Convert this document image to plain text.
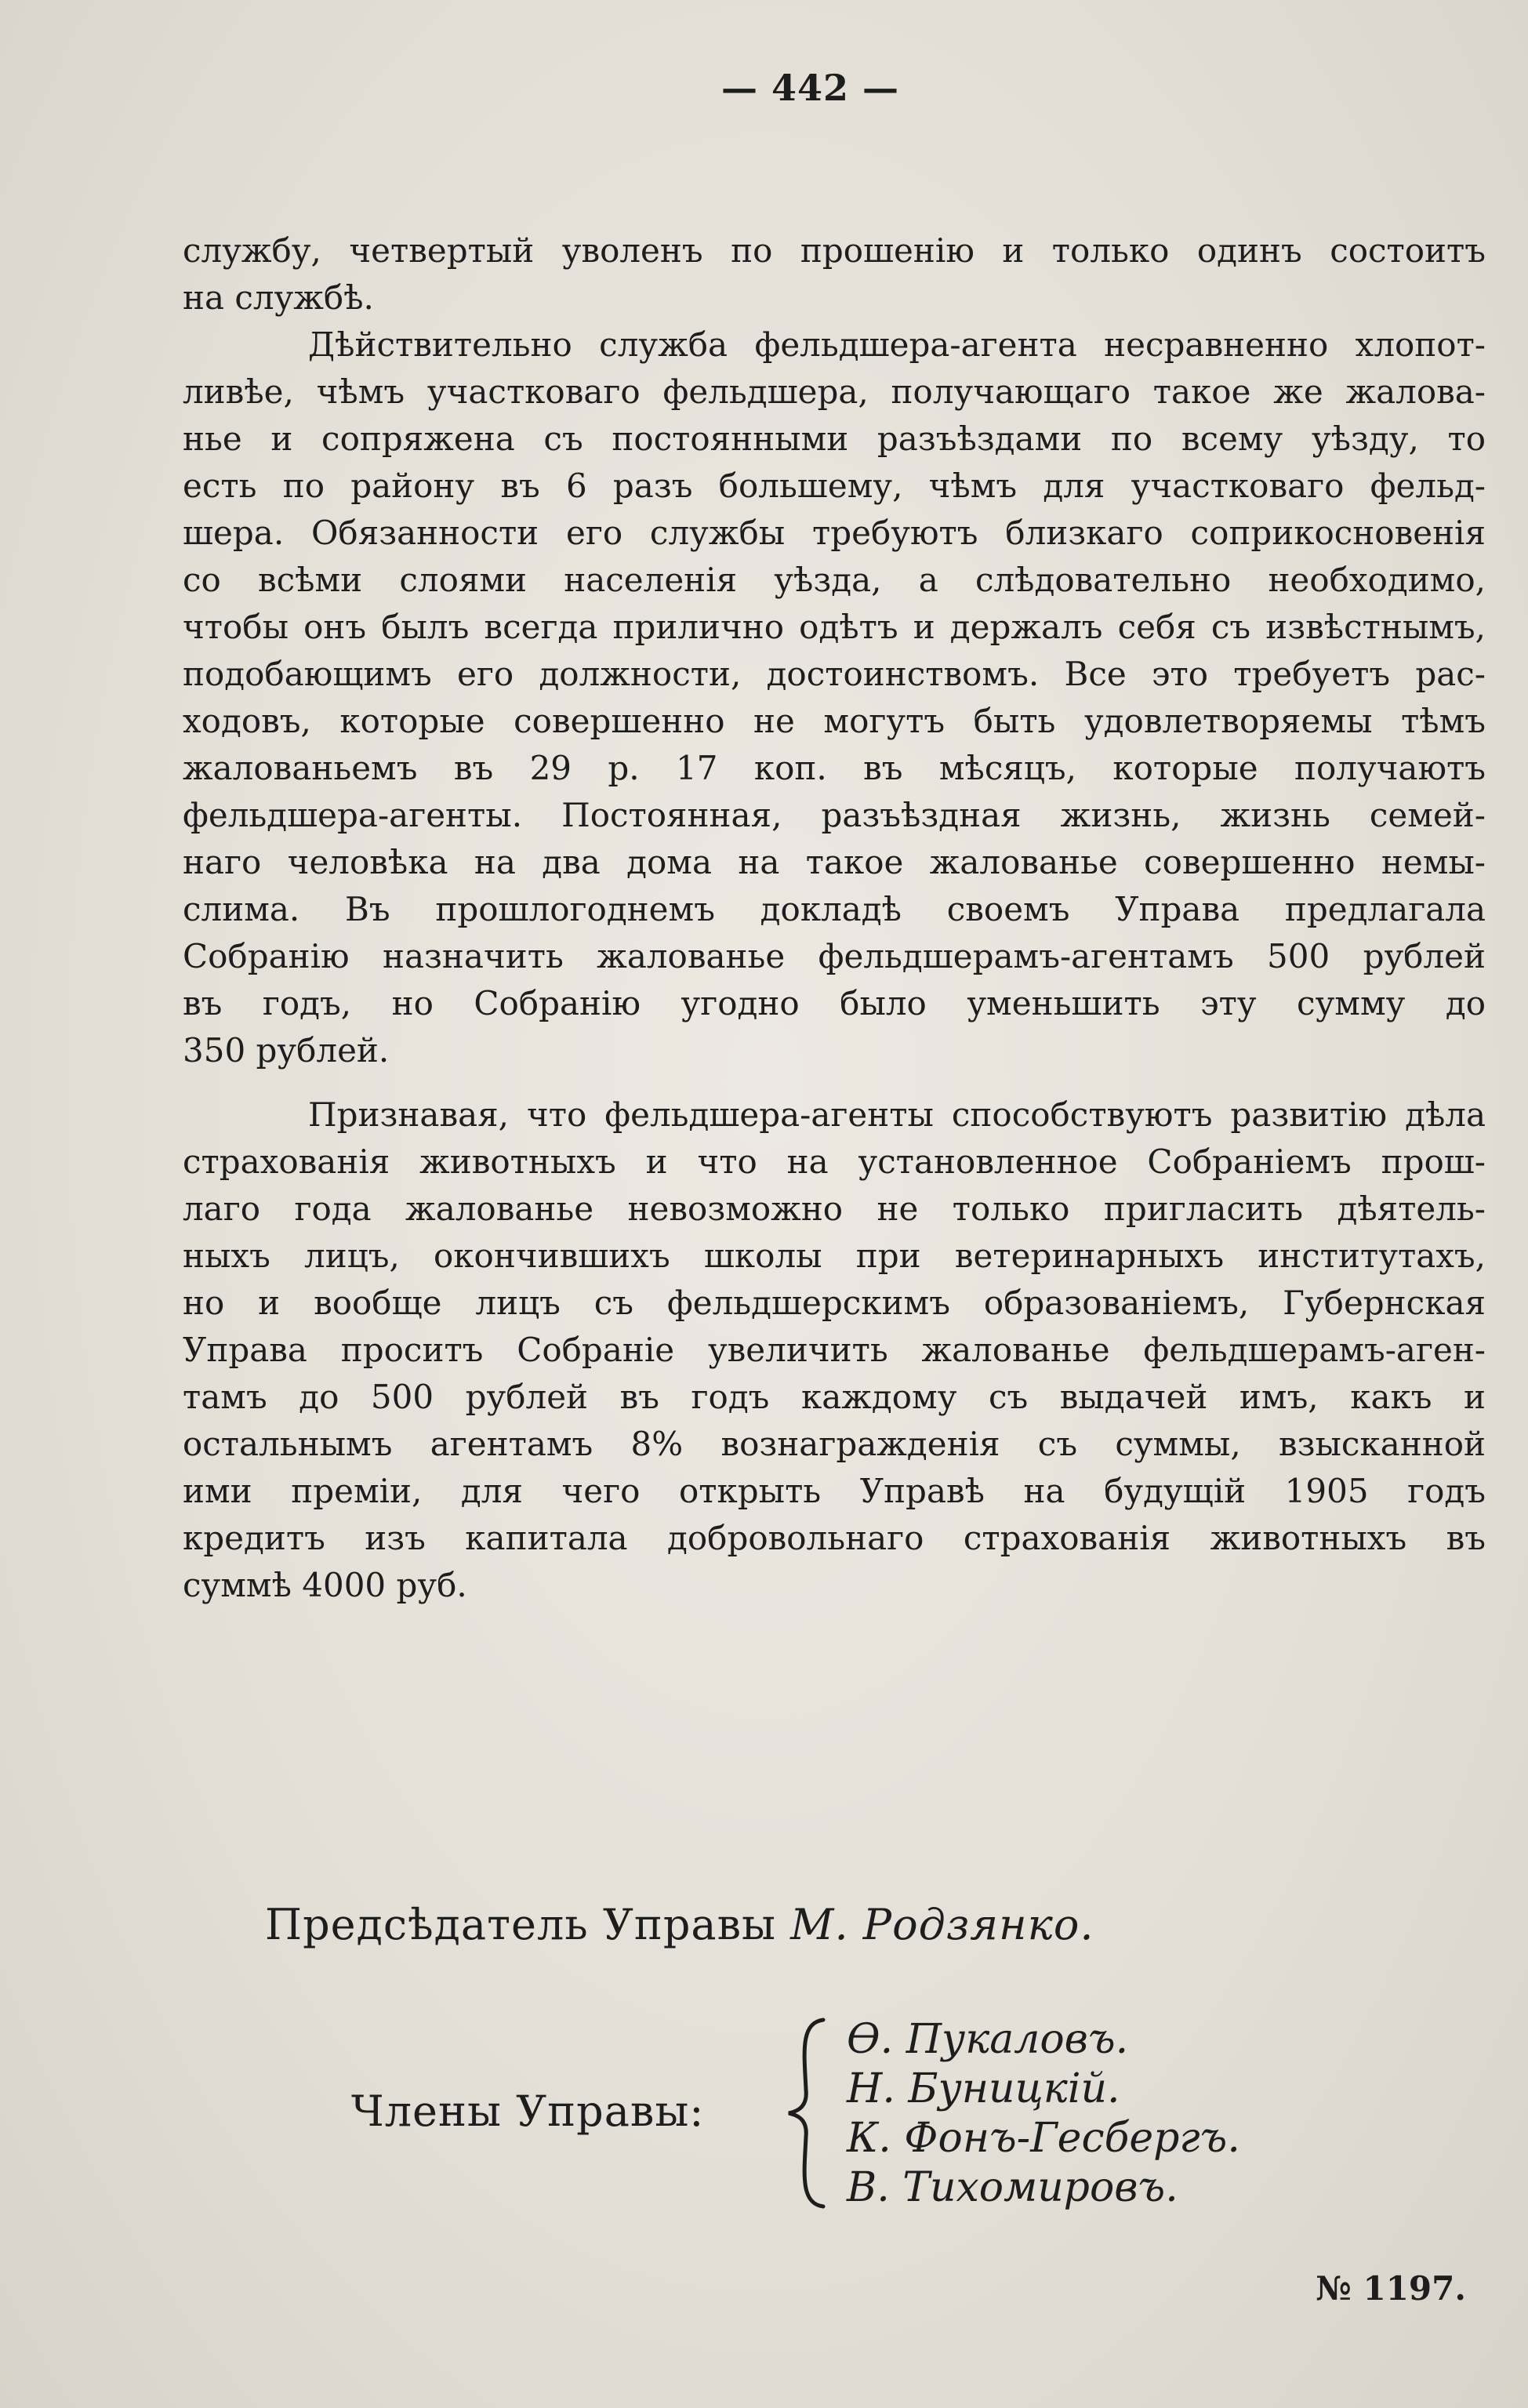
— 442 —
службу, четвертый уволенъ по прошенію и только одинъ состоитъ
на службѣ.
Дѣйствительно служба фельдшера-агента несравненно хлопот-
ливѣе, чѣмъ участковаго фельдшера, получающаго такое же жалова-
нье и сопряжена съ постоянными разъѣздами по всему уѣзду, то
есть по району въ 6 разъ большему, чѣмъ для участковаго фельд-
шера. Обязанности его службы требуютъ близкаго соприкосновенія
со всѣми слоями населенія уѣзда, а слѣдовательно необходимо,
чтобы онъ былъ всегда прилично одѣтъ и держалъ себя съ извѣстнымъ,
подобающимъ его должности, достоинствомъ. Все это требуетъ рас-
ходовъ, которые совершенно не могутъ быть удовлетворяемы тѣмъ
жалованьемъ въ 29 р. 17 коп. въ мѣсяцъ, которые получаютъ
фельдшера-агенты. Постоянная, разъѣздная жизнь, жизнь семей-
наго человѣка на два дома на такое жалованье совершенно немы-
слима. Въ прошлогоднемъ докладѣ своемъ Управа предлагала
Собранію назначить жалованье фельдшерамъ-агентамъ 500 рублей
въ годъ, но Собранію угодно было уменьшить эту сумму до
350 рублей.
Признавая, что фельдшера-агенты способствуютъ развитію дѣла
страхованія животныхъ и что на установленное Собраніемъ прош-
лаго года жалованье невозможно не только пригласить дѣятель-
ныхъ лицъ, окончившихъ школы при ветеринарныхъ институтахъ,
но и вообще лицъ съ фельдшерскимъ образованіемъ, Губернская
Управа проситъ Собраніе увеличить жалованье фельдшерамъ-аген-
тамъ до 500 рублей въ годъ каждому съ выдачей имъ, какъ и
остальнымъ агентамъ 8% вознагражденія съ суммы, взысканной
ими преміи, для чего открыть Управѣ на будущій 1905 годъ
кредитъ изъ капитала добровольнаго страхованія животныхъ въ
суммѣ 4000 руб.
Предсѣдатель Управы М. Родзянко.
Члены Управы:
Ѳ. Пукаловъ.
Н. Буницкій.
К. Фонъ-Гесбергъ.
В. Тихомировъ.
№ 1197.
